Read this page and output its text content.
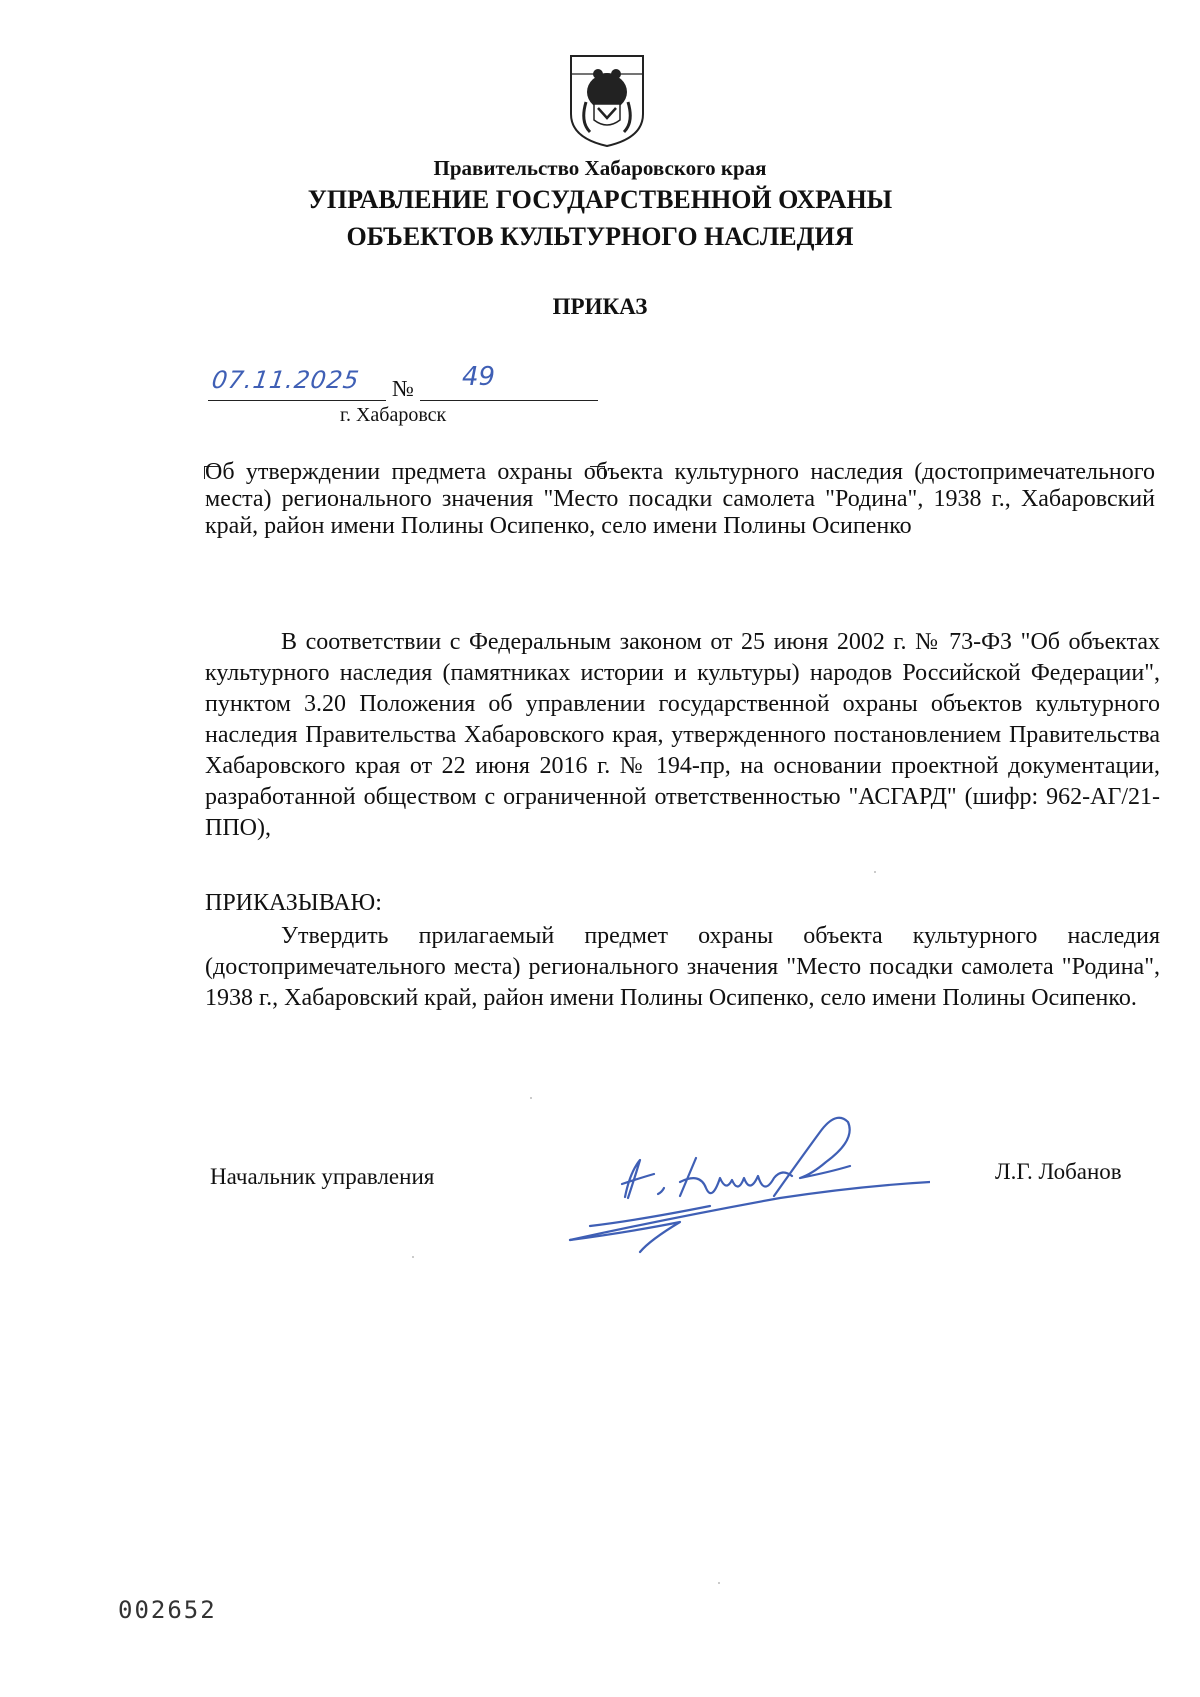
Правительство Хабаровского края
УПРАВЛЕНИЕ ГОСУДАРСТВЕННОЙ ОХРАНЫ
ОБЪЕКТОВ КУЛЬТУРНОГО НАСЛЕДИЯ
ПРИКАЗ
07.11.2025 № 49
г. Хабаровск
Об утверждении предмета охраны объекта культурного наследия (достопримечательного места) регионального значения "Место посадки самолета "Родина", 1938 г., Хабаровский край, район имени Полины Осипенко, село имени Полины Осипенко
В соответствии с Федеральным законом от 25 июня 2002 г. № 73-ФЗ "Об объектах культурного наследия (памятниках истории и культуры) народов Российской Федерации", пунктом 3.20 Положения об управлении государственной охраны объектов культурного наследия Правительства Хабаровского края, утвержденного постановлением Правительства Хабаровского края от 22 июня 2016 г. № 194-пр, на основании проектной документации, разработанной обществом с ограниченной ответственностью "АСГАРД" (шифр: 962-АГ/21-ППО),
ПРИКАЗЫВАЮ:
Утвердить прилагаемый предмет охраны объекта культурного наследия (достопримечательного места) регионального значения "Место посадки самолета "Родина", 1938 г., Хабаровский край, район имени Полины Осипенко, село имени Полины Осипенко.
Начальник управления	Л.Г. Лобанов
002652
